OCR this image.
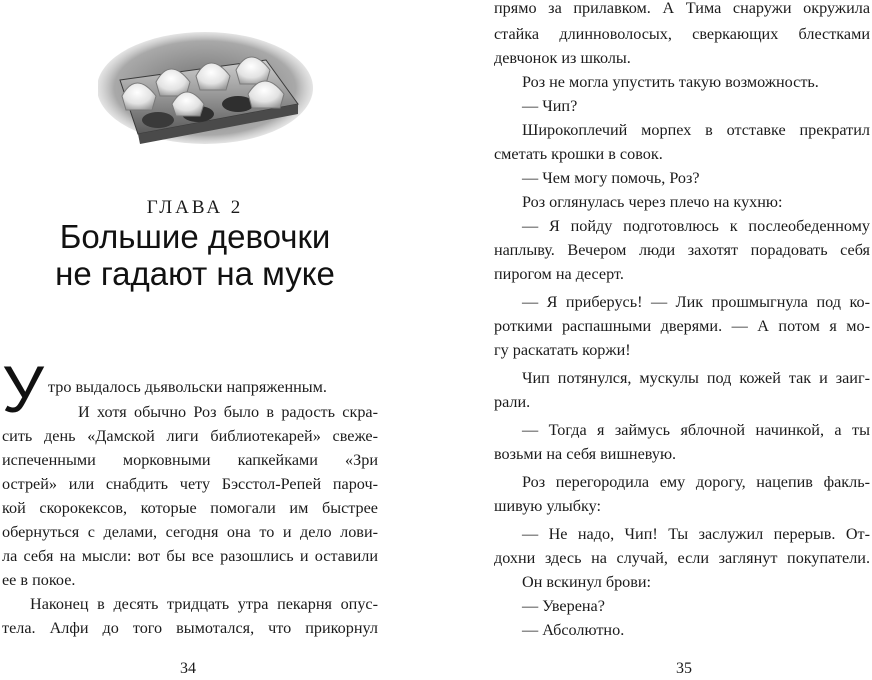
ГЛАВА 2
Большие девочки
не гадают на муке
У тро выдалось дьявольски напряженным.
И хотя обычно Роз было в радость скра-
сить день «Дамской лиги библиотекарей» свеже-
испеченными морковными капкейками «Зри
острей» или снабдить чету Бэсстол-Репей пароч-
кой скорокексов, которые помогали им быстрее
обернуться с делами, сегодня она то и дело лови-
ла себя на мысли: вот бы все разошлись и оставили
ее в покое.
Наконец в десять тридцать утра пекарня опус-
тела. Алфи до того вымотался, что прикорнул
34
прямо за прилавком. А Тима снаружи окружила
стайка длинноволосых, сверкающих блестками
девчонок из школы.
Роз не могла упустить такую возможность.
— Чип?
Широкоплечий морпех в отставке прекратил
сметать крошки в совок.
— Чем могу помочь, Роз?
Роз оглянулась через плечо на кухню:
— Я пойду подготовлюсь к послеобеденному
наплыву. Вечером люди захотят порадовать себя
пирогом на десерт.
— Я приберусь! — Лик прошмыгнула под ко-
роткими распашными дверями. — А потом я мо-
гу раскатать коржи!
Чип потянулся, мускулы под кожей так и заиг-
рали.
— Тогда я займусь яблочной начинкой, а ты
возьми на себя вишневую.
Роз перегородила ему дорогу, нацепив факль-
шивую улыбку:
— Не надо, Чип! Ты заслужил перерыв. От-
дохни здесь на случай, если заглянут покупатели.
Он вскинул брови:
— Уверена?
— Абсолютно.
35
